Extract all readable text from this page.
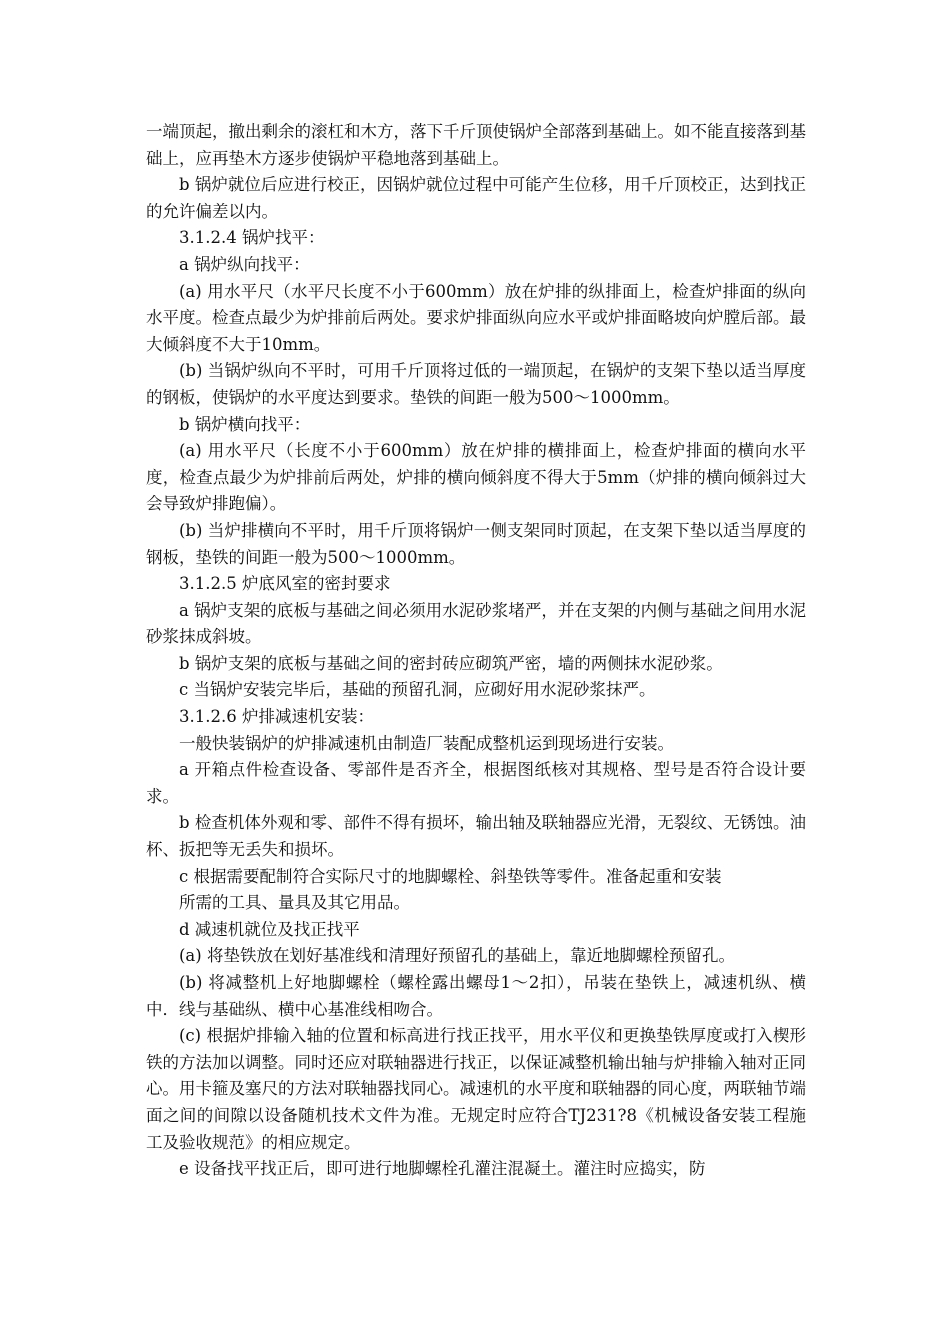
一端顶起，撤出剩余的滚杠和木方，落下千斤顶使锅炉全部落到基础上。如不能直接落到基础上，应再垫木方逐步使锅炉平稳地落到基础上。

b 锅炉就位后应进行校正，因锅炉就位过程中可能产生位移，用千斤顶校正，达到找正的允许偏差以内。

3.1.2.4 锅炉找平：

a 锅炉纵向找平：

(a) 用水平尺（水平尺长度不小于600mm）放在炉排的纵排面上，检查炉排面的纵向水平度。检查点最少为炉排前后两处。要求炉排面纵向应水平或炉排面略坡向炉膛后部。最大倾斜度不大于10mm。

(b) 当锅炉纵向不平时，可用千斤顶将过低的一端顶起，在锅炉的支架下垫以适当厚度的钢板，使锅炉的水平度达到要求。垫铁的间距一般为500～1000mm。

b 锅炉横向找平：

(a) 用水平尺（长度不小于600mm）放在炉排的横排面上，检查炉排面的横向水平度，检查点最少为炉排前后两处，炉排的横向倾斜度不得大于5mm（炉排的横向倾斜过大会导致炉排跑偏）。

(b) 当炉排横向不平时，用千斤顶将锅炉一侧支架同时顶起，在支架下垫以适当厚度的钢板，垫铁的间距一般为500～1000mm。

3.1.2.5 炉底风室的密封要求

a 锅炉支架的底板与基础之间必须用水泥砂浆堵严，并在支架的内侧与基础之间用水泥砂浆抹成斜坡。

b 锅炉支架的底板与基础之间的密封砖应砌筑严密，墙的两侧抹水泥砂浆。

c 当锅炉安装完毕后，基础的预留孔洞，应砌好用水泥砂浆抹严。

3.1.2.6 炉排减速机安装：

一般快装锅炉的炉排减速机由制造厂装配成整机运到现场进行安装。

a 开箱点件检查设备、零部件是否齐全，根据图纸核对其规格、型号是否符合设计要求。

b 检查机体外观和零、部件不得有损坏，输出轴及联轴器应光滑，无裂纹、无锈蚀。油杯、扳把等无丢失和损坏。

c 根据需要配制符合实际尺寸的地脚螺栓、斜垫铁等零件。准备起重和安装

所需的工具、量具及其它用品。

d 减速机就位及找正找平

(a) 将垫铁放在划好基准线和清理好预留孔的基础上，靠近地脚螺栓预留孔。

(b) 将减整机上好地脚螺栓（螺栓露出螺母1～2扣），吊装在垫铁上，减速机纵、横中．线与基础纵、横中心基准线相吻合。

(c) 根据炉排输入轴的位置和标高进行找正找平，用水平仪和更换垫铁厚度或打入楔形铁的方法加以调整。同时还应对联轴器进行找正，以保证减整机输出轴与炉排输入轴对正同心。用卡箍及塞尺的方法对联轴器找同心。减速机的水平度和联轴器的同心度，两联轴节端面之间的间隙以设备随机技术文件为准。无规定时应符合TJ231?8《机械设备安装工程施工及验收规范》的相应规定。

e 设备找平找正后，即可进行地脚螺栓孔灌注混凝土。灌注时应捣实，防
